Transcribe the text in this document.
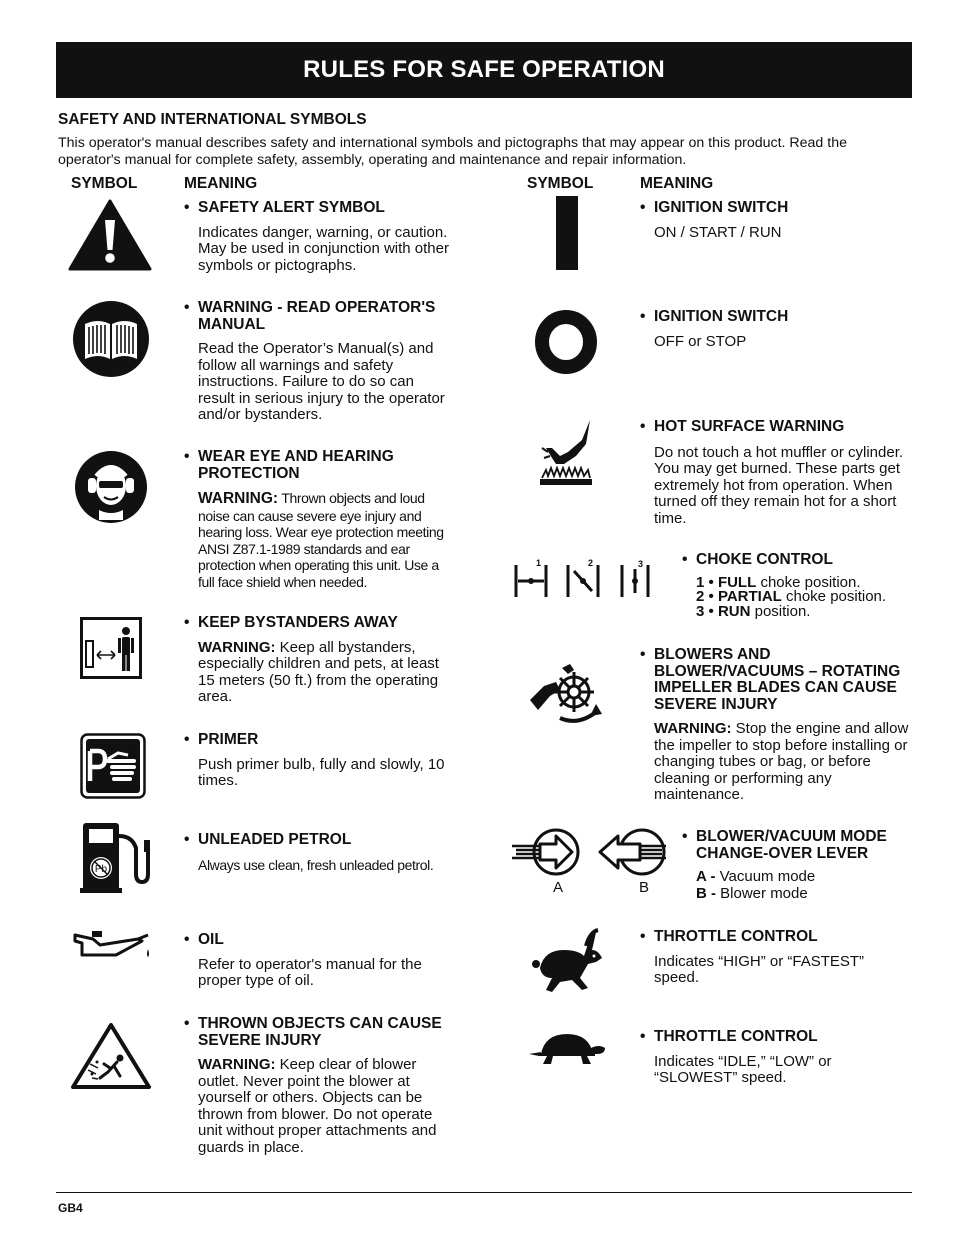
RULES FOR SAFE OPERATION
SAFETY AND INTERNATIONAL SYMBOLS
This operator's manual describes safety and international symbols and pictographs that may appear on this product. Read the operator's manual for complete safety, assembly, operating and maintenance and repair information.
SYMBOL	MEANING	SYMBOL	MEANING
Pb
1	2	3
A	B
• SAFETY ALERT SYMBOL
Indicates danger, warning, or caution. May be used in conjunction with other symbols or pictographs.
• WARNING - READ OPERATOR'S MANUAL
Read the Operator’s Manual(s) and follow all warnings and safety instructions. Failure to do so can result in serious injury to the operator and/or bystanders.
• WEAR EYE AND HEARING PROTECTION
WARNING: Thrown objects and loud noise can cause severe eye injury and hearing loss. Wear eye protection meeting ANSI Z87.1-1989 standards and ear protection when operating this unit. Use a full face shield when needed.
• KEEP BYSTANDERS AWAY
WARNING: Keep all bystanders, especially children and pets, at least 15 meters (50 ft.) from the operating area.
• PRIMER
Push primer bulb, fully and slowly, 10 times.
• UNLEADED PETROL
Always use clean, fresh unleaded petrol.
• OIL
Refer to operator's manual for the proper type of oil.
• THROWN OBJECTS CAN CAUSE SEVERE INJURY
WARNING: Keep clear of blower outlet. Never point the blower at yourself or others. Objects can be thrown from blower. Do not operate unit without proper attachments and guards in place.
• IGNITION SWITCH
ON / START / RUN
• IGNITION SWITCH
OFF or STOP
• HOT SURFACE WARNING
Do not touch a hot muffler or cylinder. You may get burned. These parts get extremely hot from operation. When turned off they remain hot for a short time.
• CHOKE CONTROL
1 • FULL choke position.
2 • PARTIAL choke position.
3 • RUN position.
• BLOWERS AND BLOWER/VACUUMS – ROTATING IMPELLER BLADES CAN CAUSE SEVERE INJURY
WARNING: Stop the engine and allow the impeller to stop before installing or changing tubes or bag, or before cleaning or performing any maintenance.
• BLOWER/VACUUM MODE CHANGE-OVER LEVER
A - Vacuum mode
B - Blower mode
• THROTTLE CONTROL
Indicates “HIGH” or “FASTEST” speed.
• THROTTLE CONTROL
Indicates “IDLE,” “LOW” or “SLOWEST” speed.
GB4
